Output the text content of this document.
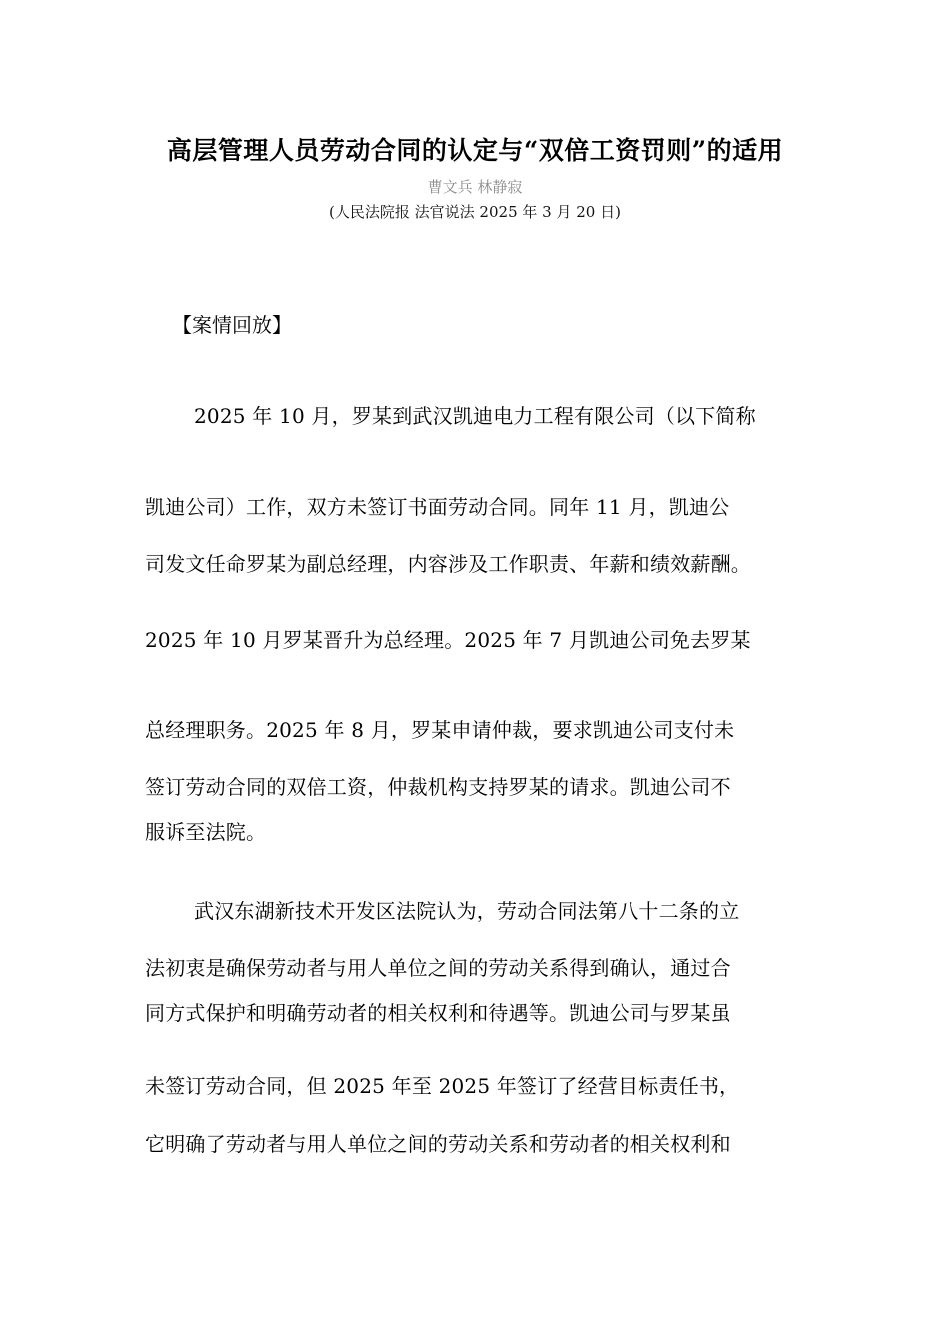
高层管理人员劳动合同的认定与“双倍工资罚则”的适用
曹文兵 林静寂
(人民法院报 法官说法 2025 年 3 月 20 日)
【案情回放】
2025 年 10 月，罗某到武汉凯迪电力工程有限公司（以下简称
凯迪公司）工作，双方未签订书面劳动合同。同年 11 月，凯迪公
司发文任命罗某为副总经理，内容涉及工作职责、年薪和绩效薪酬。
2025 年 10 月罗某晋升为总经理。2025 年 7 月凯迪公司免去罗某
总经理职务。2025 年 8 月，罗某申请仲裁，要求凯迪公司支付未
签订劳动合同的双倍工资，仲裁机构支持罗某的请求。凯迪公司不
服诉至法院。
武汉东湖新技术开发区法院认为，劳动合同法第八十二条的立
法初衷是确保劳动者与用人单位之间的劳动关系得到确认，通过合
同方式保护和明确劳动者的相关权利和待遇等。凯迪公司与罗某虽
未签订劳动合同，但 2025 年至 2025 年签订了经营目标责任书，
它明确了劳动者与用人单位之间的劳动关系和劳动者的相关权利和
